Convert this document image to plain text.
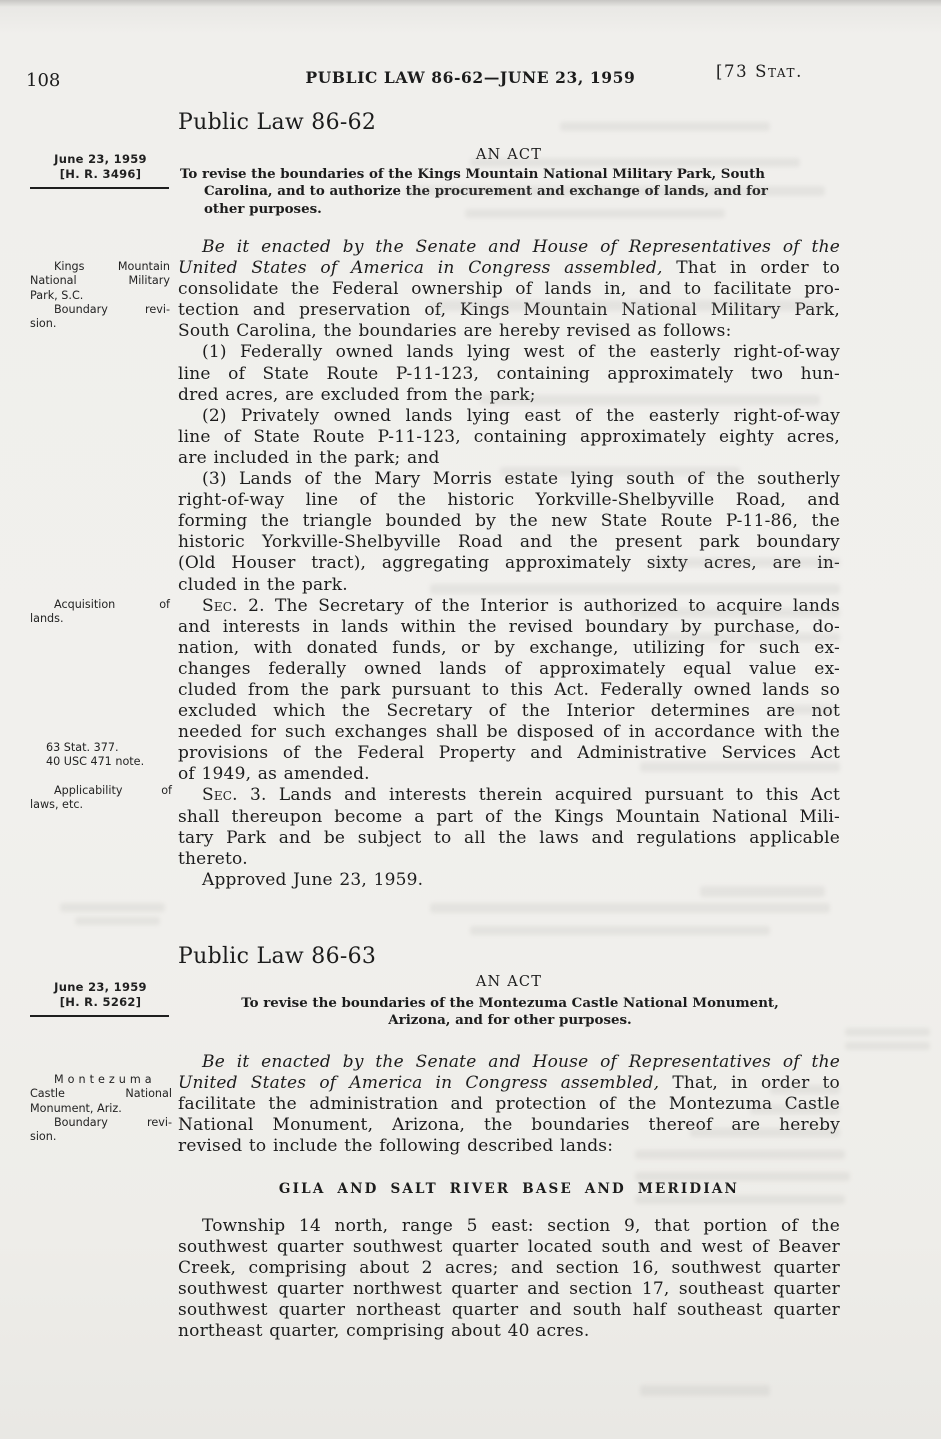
108	PUBLIC LAW 86-62—JUNE 23, 1959	[73 Stat.
Public Law 86-62
AN ACT
To revise the boundaries of the Kings Mountain National Military Park, South
Carolina, and to authorize the procurement and exchange of lands, and for
other purposes.
June 23, 1959
[H. R. 3496]
Be it enacted by the Senate and House of Representatives of the
United States of America in Congress assembled, That in order to
consolidate the Federal ownership of lands in, and to facilitate pro-
tection and preservation of, Kings Mountain National Military Park,
South Carolina, the boundaries are hereby revised as follows:
(1) Federally owned lands lying west of the easterly right-of-way
line of State Route P-11-123, containing approximately two hun-
dred acres, are excluded from the park;
(2) Privately owned lands lying east of the easterly right-of-way
line of State Route P-11-123, containing approximately eighty acres,
are included in the park; and
(3) Lands of the Mary Morris estate lying south of the southerly
right-of-way line of the historic Yorkville-Shelbyville Road, and
forming the triangle bounded by the new State Route P-11-86, the
historic Yorkville-Shelbyville Road and the present park boundary
(Old Houser tract), aggregating approximately sixty acres, are in-
cluded in the park.
Sec. 2. The Secretary of the Interior is authorized to acquire lands
and interests in lands within the revised boundary by purchase, do-
nation, with donated funds, or by exchange, utilizing for such ex-
changes federally owned lands of approximately equal value ex-
cluded from the park pursuant to this Act. Federally owned lands so
excluded which the Secretary of the Interior determines are not
needed for such exchanges shall be disposed of in accordance with the
provisions of the Federal Property and Administrative Services Act
of 1949, as amended.
Sec. 3. Lands and interests therein acquired pursuant to this Act
shall thereupon become a part of the Kings Mountain National Mili-
tary Park and be subject to all the laws and regulations applicable
thereto.
Approved June 23, 1959.
Kings Mountain
National Military
Park, S.C.
Boundary revi-
sion.
Acquisition of
lands.
63 Stat. 377.
40 USC 471 note.
Applicability of
laws, etc.
Public Law 86-63
AN ACT
To revise the boundaries of the Montezuma Castle National Monument,
Arizona, and for other purposes.
June 23, 1959
[H. R. 5262]
Be it enacted by the Senate and House of Representatives of the
United States of America in Congress assembled, That, in order to
facilitate the administration and protection of the Montezuma Castle
National Monument, Arizona, the boundaries thereof are hereby
revised to include the following described lands:
Montezuma
Castle National
Monument, Ariz.
Boundary revi-
sion.
GILA AND SALT RIVER BASE AND MERIDIAN
Township 14 north, range 5 east: section 9, that portion of the
southwest quarter southwest quarter located south and west of Beaver
Creek, comprising about 2 acres; and section 16, southwest quarter
southwest quarter northwest quarter and section 17, southeast quarter
southwest quarter northeast quarter and south half southeast quarter
northeast quarter, comprising about 40 acres.
